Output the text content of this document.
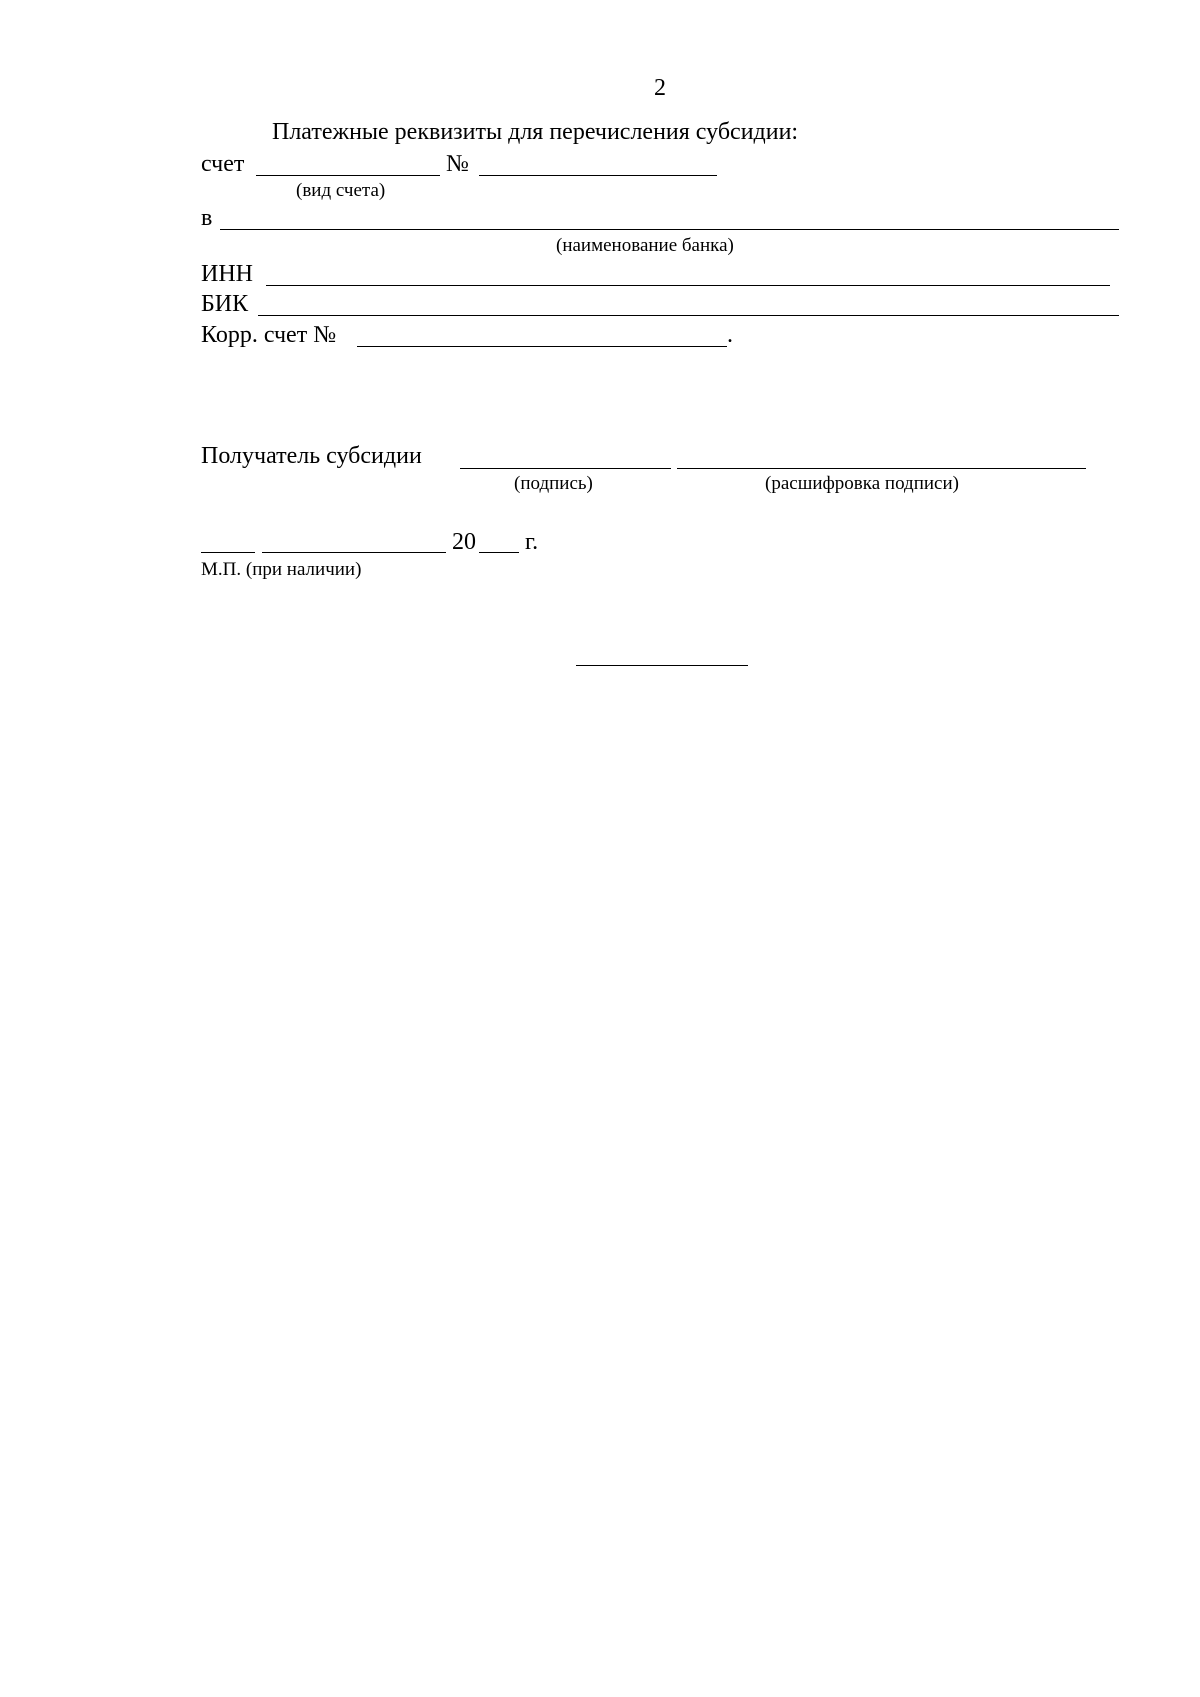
2
Платежные реквизиты для перечисления субсидии:
счет	№
(вид счета)
в
(наименование банка)
ИНН
БИК
Корр. счет №	.
Получатель субсидии
(подпись)	(расшифровка подписи)
20 г.
М.П. (при наличии)
